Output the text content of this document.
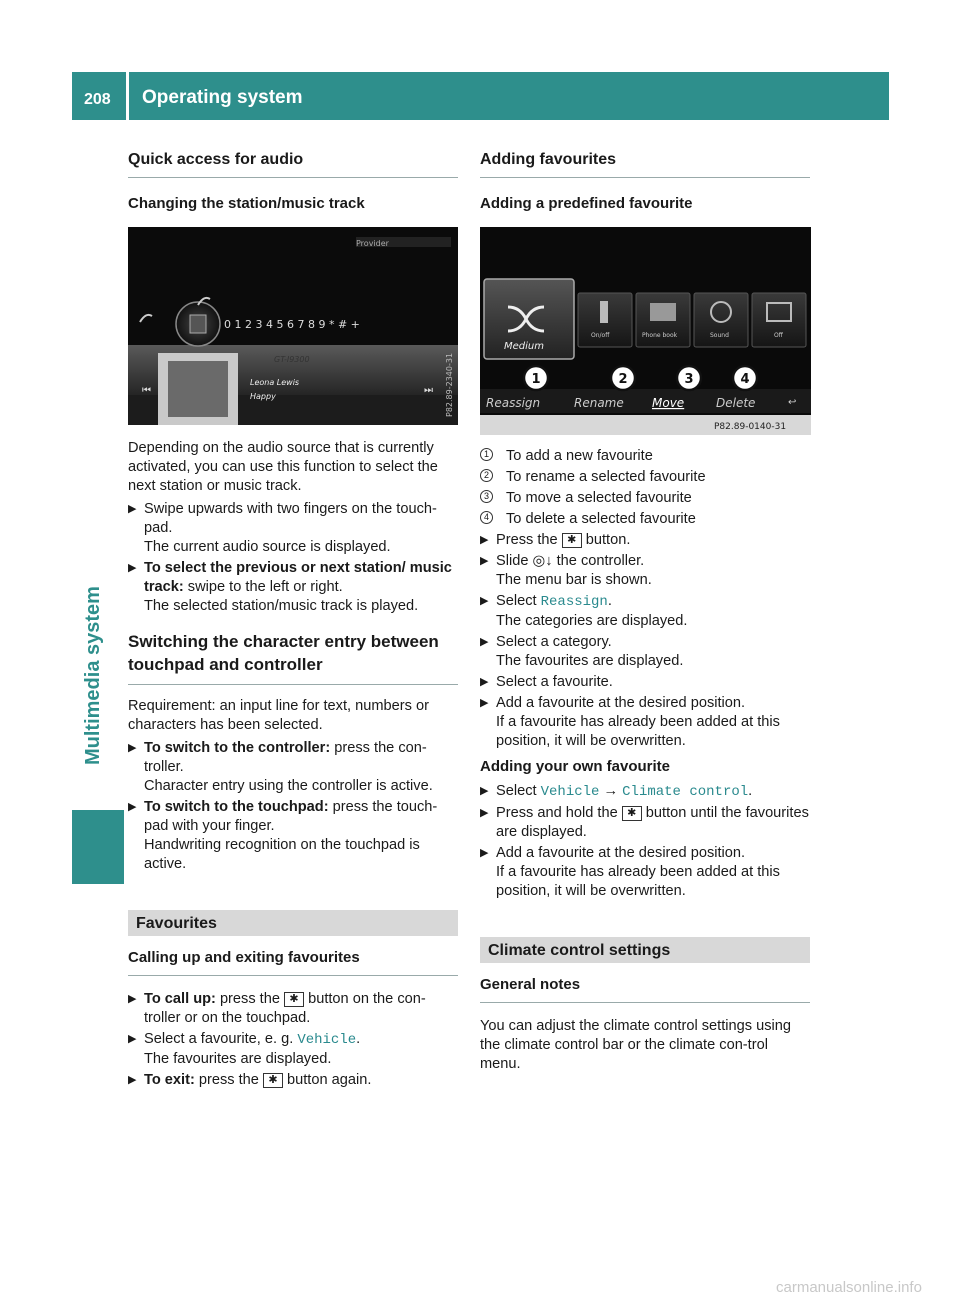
208 Operating system
Multimedia system
Quick access for audio
Changing the station/music track
Provider
0 1 2 3 4 5 6 7 8 9 * # +
GT-I9300
Leona Lewis
Happy
⏮	⏭ P82.89-2340-31

Depending on the audio source that is currently activated, you can use this function to select the next station or music track.

▶ Swipe upwards with two fingers on the touch-pad.
The current audio source is displayed.
▶ To select the previous or next station/ music track: swipe to the left or right.
The selected station/music track is played.
Switching the character entry between touchpad and controller

Requirement: an input line for text, numbers or characters has been selected.

▶ To switch to the controller: press the con-troller.
Character entry using the controller is active.
▶ To switch to the touchpad: press the touch-pad with your finger.
Handwriting recognition on the touchpad is active.
Favourites
Calling up and exiting favourites
▶ To call up: press the ✱ button on the con-troller or on the touchpad.
▶ Select a favourite, e. g. Vehicle.
The favourites are displayed.
▶ To exit: press the ✱ button again.
Adding favourites
Adding a predefined favourite
Medium
On/off	Phone book	Sound	Off
Reassign	Rename Move	Delete	↩
P82.89-0140-31
1	2	3	4
1 To add a new favourite
2 To rename a selected favourite
3 To move a selected favourite
4 To delete a selected favourite
▶ Press the ✱ button.
▶ Slide ◎↓ the controller.
The menu bar is shown.
▶ Select Reassign.
The categories are displayed.
▶ Select a category.
The favourites are displayed.
▶ Select a favourite.
▶ Add a favourite at the desired position.
If a favourite has already been added at this position, it will be overwritten.
Adding your own favourite
▶ Select Vehicle → Climate control.
▶ Press and hold the ✱ button until the favourites are displayed.
▶ Add a favourite at the desired position.
If a favourite has already been added at this position, it will be overwritten.
Climate control settings
General notes

You can adjust the climate control settings using the climate control bar or the climate con-trol menu.

carmanualsonline.info
